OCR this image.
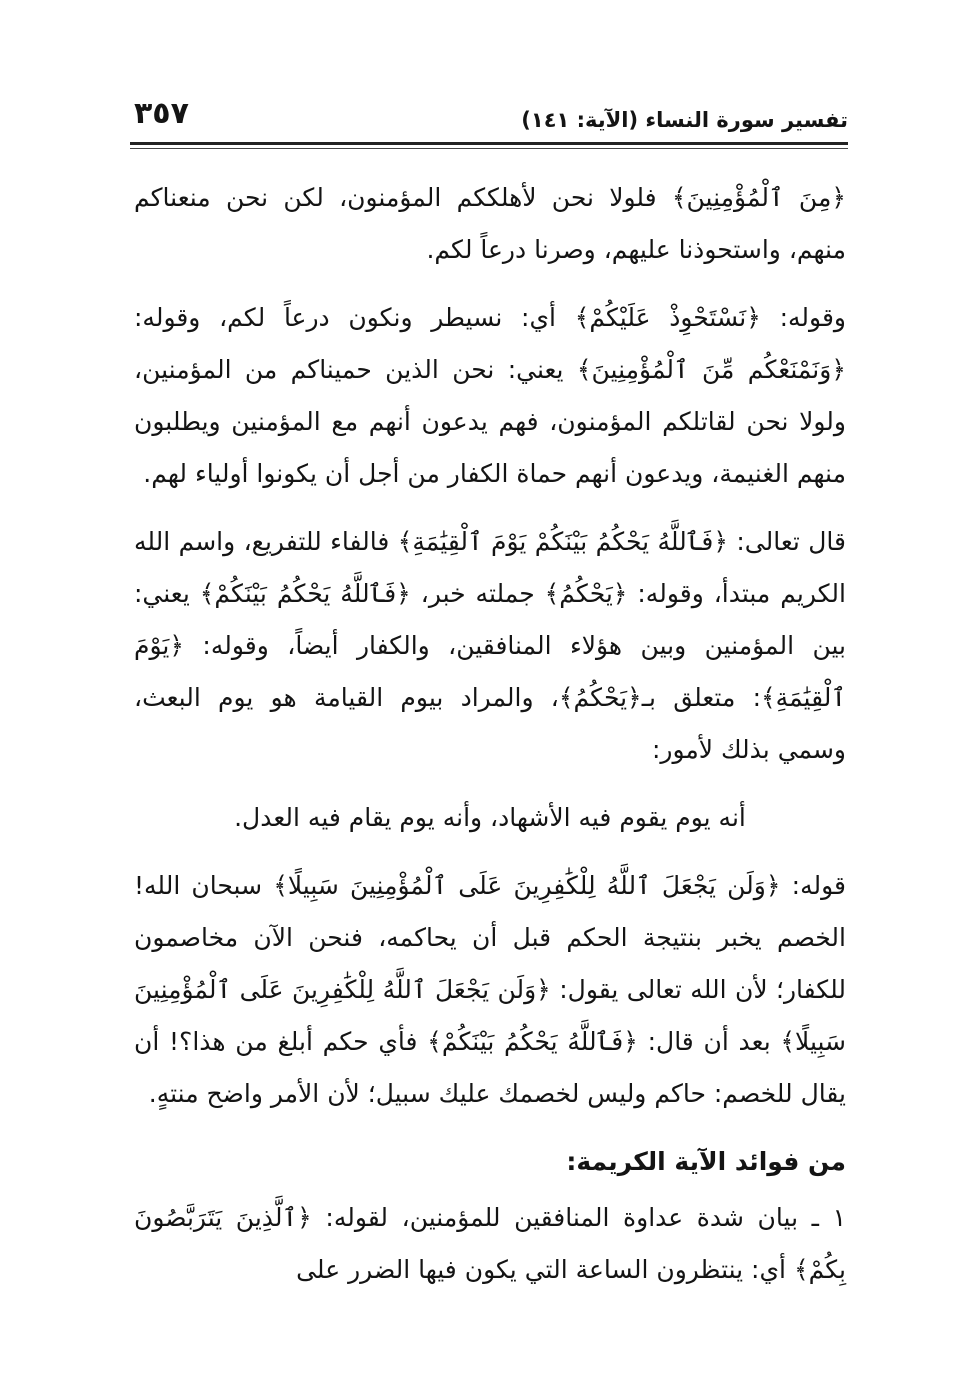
٣٥٧	تفسير سورة النساء (الآية: ١٤١)

﴿مِنَ ٱلْمُؤْمِنِينَ﴾ فلولا نحن لأهلككم المؤمنون، لكن نحن منعناكم منهم، واستحوذنا عليهم، وصرنا درعاً لكم.

وقوله: ﴿نَسْتَحْوِذْ عَلَيْكُمْ﴾ أي: نسيطر ونكون درعاً لكم، وقوله: ﴿وَنَمْنَعْكُم مِّنَ ٱلْمُؤْمِنِينَ﴾ يعني: نحن الذين حميناكم من المؤمنين، ولولا نحن لقاتلكم المؤمنون، فهم يدعون أنهم مع المؤمنين ويطلبون منهم الغنيمة، ويدعون أنهم حماة الكفار من أجل أن يكونوا أولياء لهم.

قال تعالى: ﴿فَٱللَّهُ يَحْكُمُ بَيْنَكُمْ يَوْمَ ٱلْقِيَٰمَةِ﴾ فالفاء للتفريع، واسم الله الكريم مبتدأ، وقوله: ﴿يَحْكُمُ﴾ جملته خبر، ﴿فَٱللَّهُ يَحْكُمُ بَيْنَكُمْ﴾ يعني: بين المؤمنين وبين هؤلاء المنافقين، والكفار أيضاً، وقوله: ﴿يَوْمَ ٱلْقِيَٰمَةِ﴾: متعلق بـ﴿يَحْكُمُ﴾، والمراد بيوم القيامة هو يوم البعث، وسمي بذلك لأمور:

أنه يوم يقوم فيه الأشهاد، وأنه يوم يقام فيه العدل.

قوله: ﴿وَلَن يَجْعَلَ ٱللَّهُ لِلْكَٰفِرِينَ عَلَى ٱلْمُؤْمِنِينَ سَبِيلًا﴾ سبحان الله! الخصم يخبر بنتيجة الحكم قبل أن يحاكمه، فنحن الآن مخاصمون للكفار؛ لأن الله تعالى يقول: ﴿وَلَن يَجْعَلَ ٱللَّهُ لِلْكَٰفِرِينَ عَلَى ٱلْمُؤْمِنِينَ سَبِيلًا﴾ بعد أن قال: ﴿فَٱللَّهُ يَحْكُمُ بَيْنَكُمْ﴾ فأي حكم أبلغ من هذا؟! أن يقال للخصم: حاكم وليس لخصمك عليك سبيل؛ لأن الأمر واضح منتهٍ.

من فوائد الآية الكريمة:

١ ـ بيان شدة عداوة المنافقين للمؤمنين، لقوله: ﴿ٱلَّذِينَ يَتَرَبَّصُونَ بِكُمْ﴾ أي: ينتظرون الساعة التي يكون فيها الضرر على
